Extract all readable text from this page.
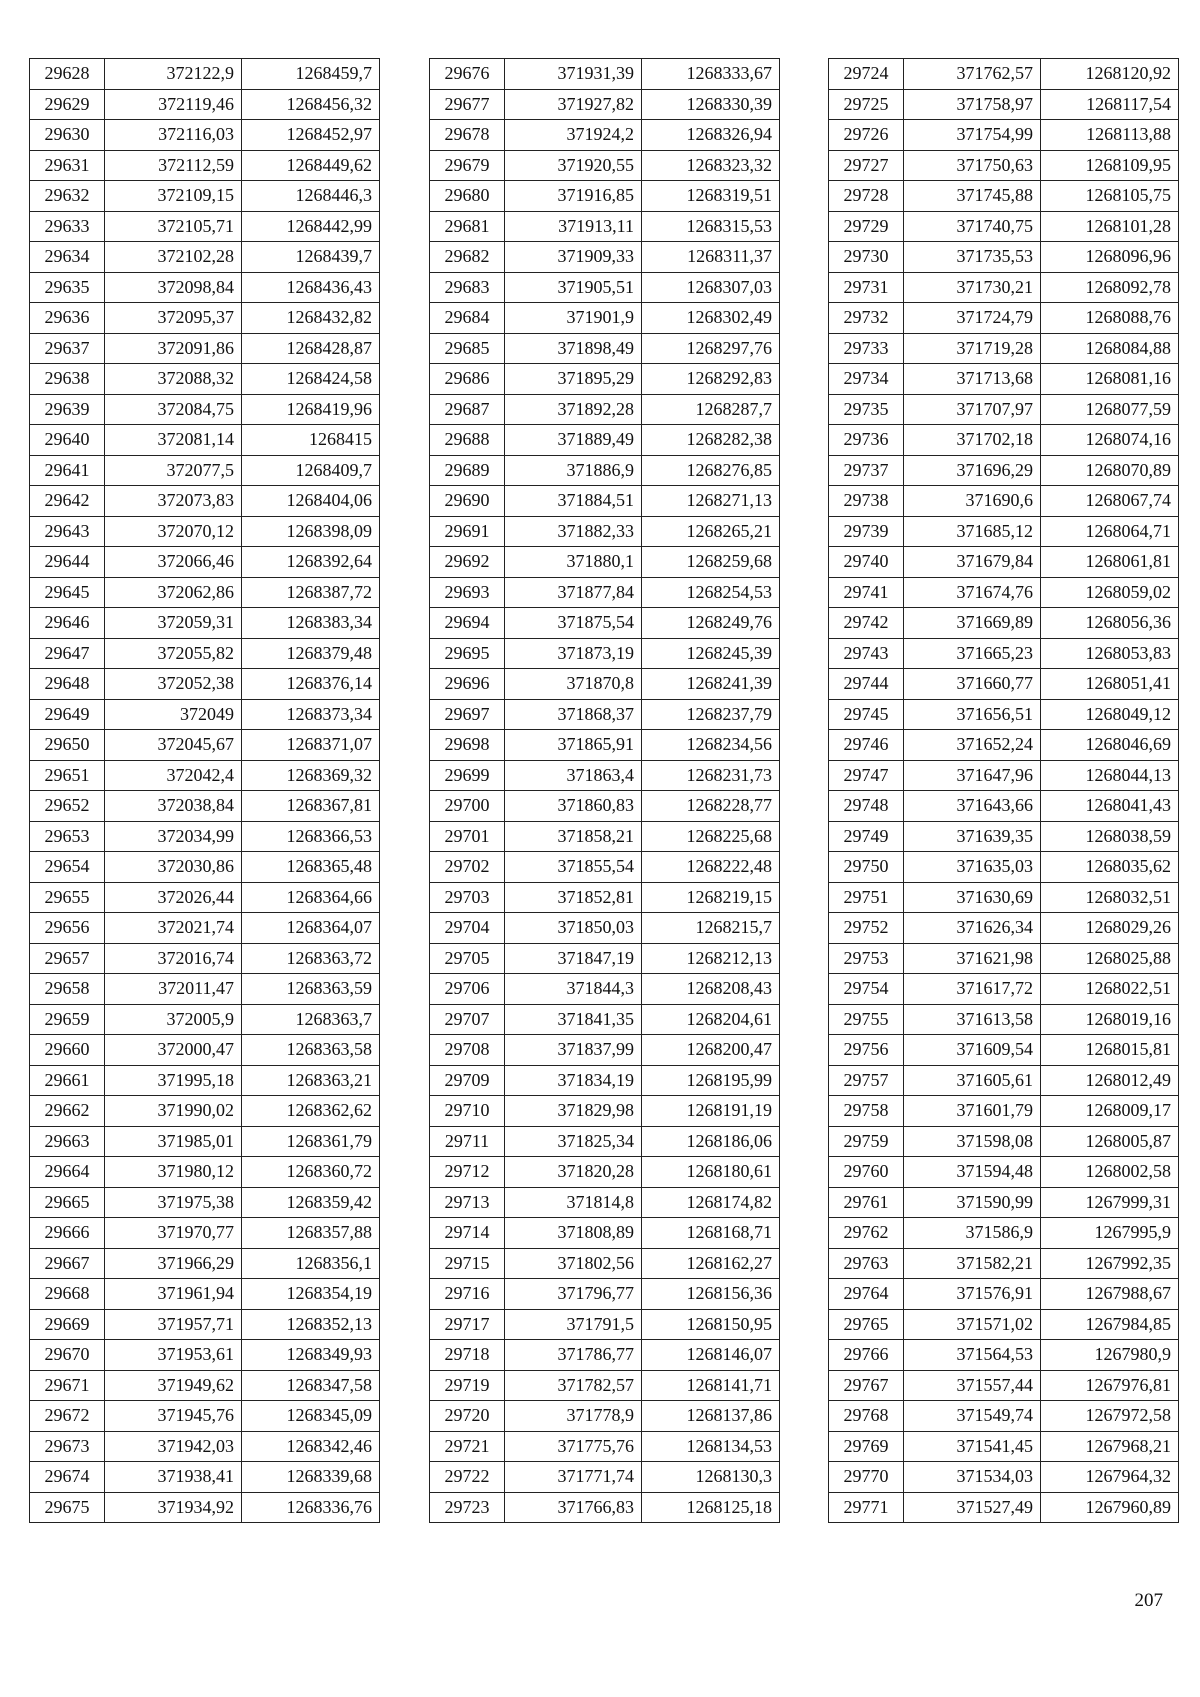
29628	372122,9	1268459,7
29629	372119,46	1268456,32
29630	372116,03	1268452,97
29631	372112,59	1268449,62
29632	372109,15	1268446,3
29633	372105,71	1268442,99
29634	372102,28	1268439,7
29635	372098,84	1268436,43
29636	372095,37	1268432,82
29637	372091,86	1268428,87
29638	372088,32	1268424,58
29639	372084,75	1268419,96
29640	372081,14	1268415
29641	372077,5	1268409,7
29642	372073,83	1268404,06
29643	372070,12	1268398,09
29644	372066,46	1268392,64
29645	372062,86	1268387,72
29646	372059,31	1268383,34
29647	372055,82	1268379,48
29648	372052,38	1268376,14
29649	372049	1268373,34
29650	372045,67	1268371,07
29651	372042,4	1268369,32
29652	372038,84	1268367,81
29653	372034,99	1268366,53
29654	372030,86	1268365,48
29655	372026,44	1268364,66
29656	372021,74	1268364,07
29657	372016,74	1268363,72
29658	372011,47	1268363,59
29659	372005,9	1268363,7
29660	372000,47	1268363,58
29661	371995,18	1268363,21
29662	371990,02	1268362,62
29663	371985,01	1268361,79
29664	371980,12	1268360,72
29665	371975,38	1268359,42
29666	371970,77	1268357,88
29667	371966,29	1268356,1
29668	371961,94	1268354,19
29669	371957,71	1268352,13
29670	371953,61	1268349,93
29671	371949,62	1268347,58
29672	371945,76	1268345,09
29673	371942,03	1268342,46
29674	371938,41	1268339,68
29675	371934,92	1268336,76
29676	371931,39	1268333,67
29677	371927,82	1268330,39
29678	371924,2	1268326,94
29679	371920,55	1268323,32
29680	371916,85	1268319,51
29681	371913,11	1268315,53
29682	371909,33	1268311,37
29683	371905,51	1268307,03
29684	371901,9	1268302,49
29685	371898,49	1268297,76
29686	371895,29	1268292,83
29687	371892,28	1268287,7
29688	371889,49	1268282,38
29689	371886,9	1268276,85
29690	371884,51	1268271,13
29691	371882,33	1268265,21
29692	371880,1	1268259,68
29693	371877,84	1268254,53
29694	371875,54	1268249,76
29695	371873,19	1268245,39
29696	371870,8	1268241,39
29697	371868,37	1268237,79
29698	371865,91	1268234,56
29699	371863,4	1268231,73
29700	371860,83	1268228,77
29701	371858,21	1268225,68
29702	371855,54	1268222,48
29703	371852,81	1268219,15
29704	371850,03	1268215,7
29705	371847,19	1268212,13
29706	371844,3	1268208,43
29707	371841,35	1268204,61
29708	371837,99	1268200,47
29709	371834,19	1268195,99
29710	371829,98	1268191,19
29711	371825,34	1268186,06
29712	371820,28	1268180,61
29713	371814,8	1268174,82
29714	371808,89	1268168,71
29715	371802,56	1268162,27
29716	371796,77	1268156,36
29717	371791,5	1268150,95
29718	371786,77	1268146,07
29719	371782,57	1268141,71
29720	371778,9	1268137,86
29721	371775,76	1268134,53
29722	371771,74	1268130,3
29723	371766,83	1268125,18
29724	371762,57	1268120,92
29725	371758,97	1268117,54
29726	371754,99	1268113,88
29727	371750,63	1268109,95
29728	371745,88	1268105,75
29729	371740,75	1268101,28
29730	371735,53	1268096,96
29731	371730,21	1268092,78
29732	371724,79	1268088,76
29733	371719,28	1268084,88
29734	371713,68	1268081,16
29735	371707,97	1268077,59
29736	371702,18	1268074,16
29737	371696,29	1268070,89
29738	371690,6	1268067,74
29739	371685,12	1268064,71
29740	371679,84	1268061,81
29741	371674,76	1268059,02
29742	371669,89	1268056,36
29743	371665,23	1268053,83
29744	371660,77	1268051,41
29745	371656,51	1268049,12
29746	371652,24	1268046,69
29747	371647,96	1268044,13
29748	371643,66	1268041,43
29749	371639,35	1268038,59
29750	371635,03	1268035,62
29751	371630,69	1268032,51
29752	371626,34	1268029,26
29753	371621,98	1268025,88
29754	371617,72	1268022,51
29755	371613,58	1268019,16
29756	371609,54	1268015,81
29757	371605,61	1268012,49
29758	371601,79	1268009,17
29759	371598,08	1268005,87
29760	371594,48	1268002,58
29761	371590,99	1267999,31
29762	371586,9	1267995,9
29763	371582,21	1267992,35
29764	371576,91	1267988,67
29765	371571,02	1267984,85
29766	371564,53	1267980,9
29767	371557,44	1267976,81
29768	371549,74	1267972,58
29769	371541,45	1267968,21
29770	371534,03	1267964,32
29771	371527,49	1267960,89
207
